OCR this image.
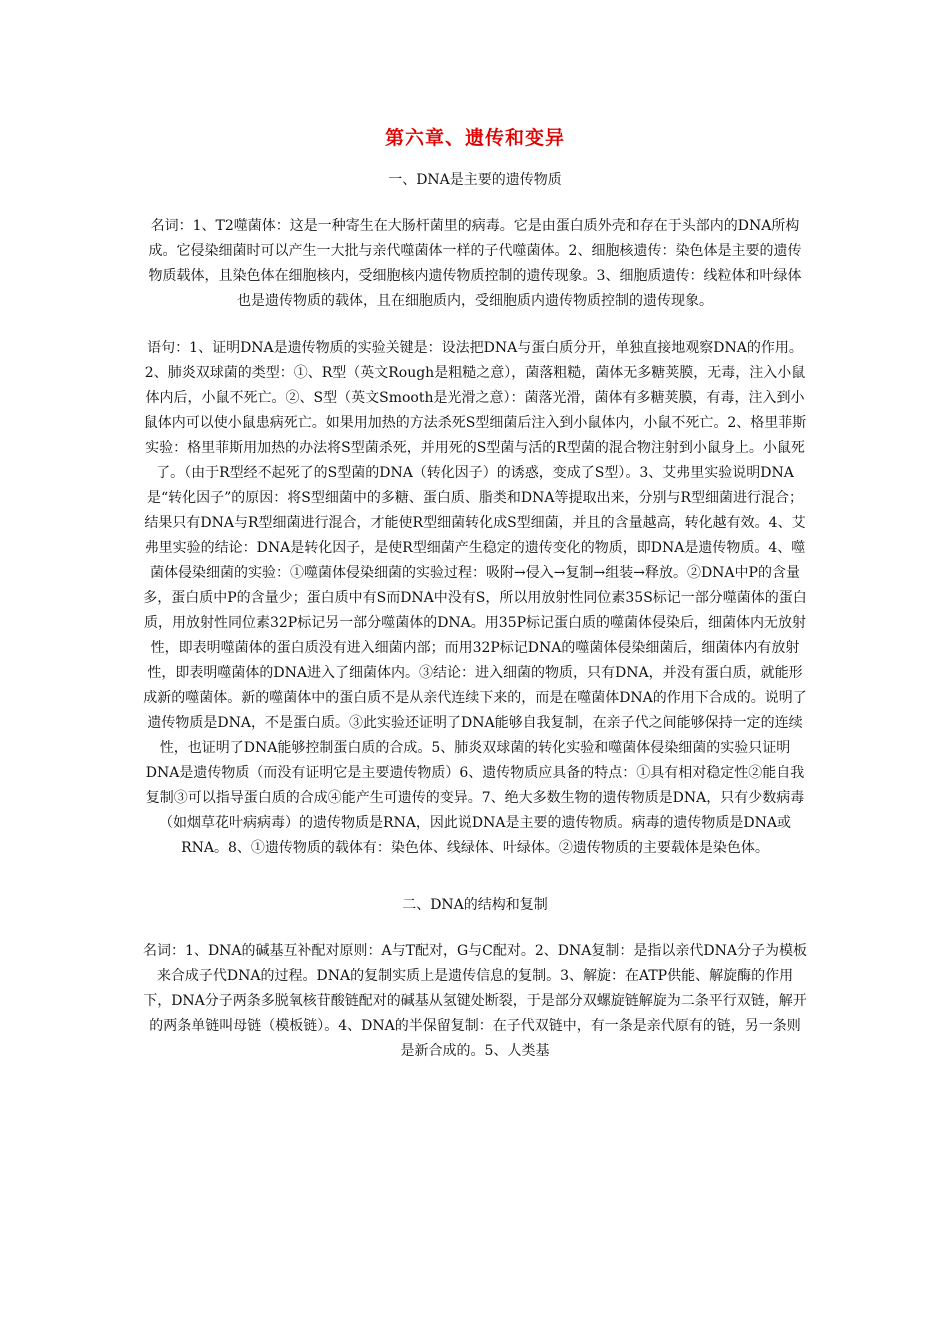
第六章、遗传和变异
一、DNA是主要的遗传物质

名词：1、T2噬菌体：这是一种寄生在大肠杆菌里的病毒。它是由蛋白质外壳和存在于头部内的DNA所构成。它侵染细菌时可以产生一大批与亲代噬菌体一样的子代噬菌体。2、细胞核遗传：染色体是主要的遗传物质载体，且染色体在细胞核内，受细胞核内遗传物质控制的遗传现象。3、细胞质遗传：线粒体和叶绿体也是遗传物质的载体，且在细胞质内，受细胞质内遗传物质控制的遗传现象。

语句：1、证明DNA是遗传物质的实验关键是：设法把DNA与蛋白质分开，单独直接地观察DNA的作用。2、肺炎双球菌的类型：①、R型（英文Rough是粗糙之意），菌落粗糙，菌体无多糖荚膜，无毒，注入小鼠体内后，小鼠不死亡。②、S型（英文Smooth是光滑之意）：菌落光滑，菌体有多糖荚膜，有毒，注入到小鼠体内可以使小鼠患病死亡。如果用加热的方法杀死S型细菌后注入到小鼠体内，小鼠不死亡。2、格里菲斯实验：格里菲斯用加热的办法将S型菌杀死，并用死的S型菌与活的R型菌的混合物注射到小鼠身上。小鼠死了。（由于R型经不起死了的S型菌的DNA（转化因子）的诱惑，变成了S型）。3、艾弗里实验说明DNA是“转化因子”的原因：将S型细菌中的多糖、蛋白质、脂类和DNA等提取出来，分别与R型细菌进行混合；结果只有DNA与R型细菌进行混合，才能使R型细菌转化成S型细菌，并且的含量越高，转化越有效。4、艾弗里实验的结论：DNA是转化因子，是使R型细菌产生稳定的遗传变化的物质，即DNA是遗传物质。4、噬菌体侵染细菌的实验：①噬菌体侵染细菌的实验过程：吸附→侵入→复制→组装→释放。②DNA中P的含量多，蛋白质中P的含量少；蛋白质中有S而DNA中没有S，所以用放射性同位素35S标记一部分噬菌体的蛋白质，用放射性同位素32P标记另一部分噬菌体的DNA。用35P标记蛋白质的噬菌体侵染后，细菌体内无放射性，即表明噬菌体的蛋白质没有进入细菌内部；而用32P标记DNA的噬菌体侵染细菌后，细菌体内有放射性，即表明噬菌体的DNA进入了细菌体内。③结论：进入细菌的物质，只有DNA，并没有蛋白质，就能形成新的噬菌体。新的噬菌体中的蛋白质不是从亲代连续下来的，而是在噬菌体DNA的作用下合成的。说明了遗传物质是DNA，不是蛋白质。③此实验还证明了DNA能够自我复制，在亲子代之间能够保持一定的连续性，也证明了DNA能够控制蛋白质的合成。5、肺炎双球菌的转化实验和噬菌体侵染细菌的实验只证明DNA是遗传物质（而没有证明它是主要遗传物质）6、遗传物质应具备的特点：①具有相对稳定性②能自我复制③可以指导蛋白质的合成④能产生可遗传的变异。7、绝大多数生物的遗传物质是DNA，只有少数病毒（如烟草花叶病病毒）的遗传物质是RNA，因此说DNA是主要的遗传物质。病毒的遗传物质是DNA或RNA。8、①遗传物质的载体有：染色体、线绿体、叶绿体。②遗传物质的主要载体是染色体。

二、DNA的结构和复制

名词：1、DNA的碱基互补配对原则：A与T配对，G与C配对。2、DNA复制：是指以亲代DNA分子为模板来合成子代DNA的过程。DNA的复制实质上是遗传信息的复制。3、解旋：在ATP供能、解旋酶的作用下，DNA分子两条多脱氧核苷酸链配对的碱基从氢键处断裂，于是部分双螺旋链解旋为二条平行双链，解开的两条单链叫母链（模板链）。4、DNA的半保留复制：在子代双链中，有一条是亲代原有的链，另一条则是新合成的。5、人类基
